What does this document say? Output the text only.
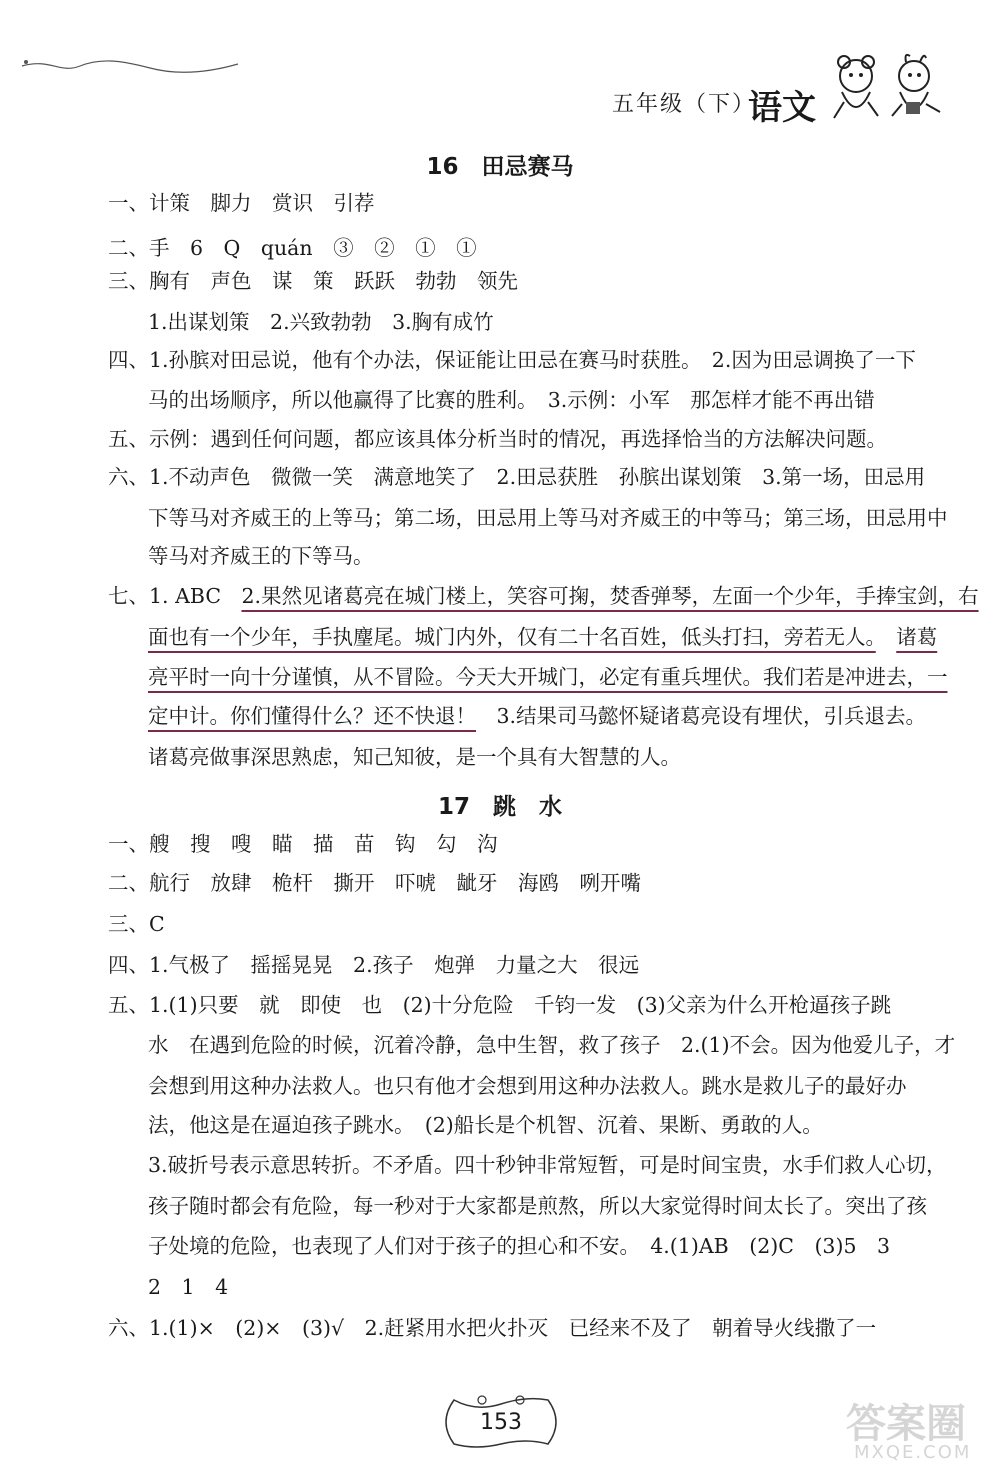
五年级（下）
语文
16　田忌赛马
一、计策　脚力　赏识　引荐
二、手　6　Q　quán　③　②　①　①
三、胸有　声色　谋　策　跃跃　勃勃　领先
1.出谋划策　2.兴致勃勃　3.胸有成竹
四、1.孙膑对田忌说，他有个办法，保证能让田忌在赛马时获胜。　2.因为田忌调换了一下
马的出场顺序，所以他赢得了比赛的胜利。　3.示例：小军　那怎样才能不再出错
五、示例：遇到任何问题，都应该具体分析当时的情况，再选择恰当的方法解决问题。
六、1.不动声色　微微一笑　满意地笑了　2.田忌获胜　孙膑出谋划策　3.第一场，田忌用
下等马对齐威王的上等马；第二场，田忌用上等马对齐威王的中等马；第三场，田忌用中
等马对齐威王的下等马。
七、1. ABC　2.果然见诸葛亮在城门楼上，笑容可掬，焚香弹琴，左面一个少年，手捧宝剑，右
面也有一个少年，手执麈尾。城门内外，仅有二十名百姓，低头打扫，旁若无人。　 诸葛
亮平时一向十分谨慎，从不冒险。今天大开城门，必定有重兵埋伏。我们若是冲进去，一
定中计。你们懂得什么？还不快退！　3.结果司马懿怀疑诸葛亮设有埋伏，引兵退去。
诸葛亮做事深思熟虑，知己知彼，是一个具有大智慧的人。
17　跳　水
一、艘　搜　嗖　瞄　描　苗　钩　勾　沟
二、航行　放肆　桅杆　撕开　吓唬　龇牙　海鸥　咧开嘴
三、C
四、1.气极了　摇摇晃晃　2.孩子　炮弹　力量之大　很远
五、1.(1)只要　就　即使　也　(2)十分危险　千钧一发　(3)父亲为什么开枪逼孩子跳
水　在遇到危险的时候，沉着冷静，急中生智，救了孩子　2.(1)不会。因为他爱儿子，才
会想到用这种办法救人。也只有他才会想到用这种办法救人。跳水是救儿子的最好办
法，他这是在逼迫孩子跳水。　(2)船长是个机智、沉着、果断、勇敢的人。
3.破折号表示意思转折。不矛盾。四十秒钟非常短暂，可是时间宝贵，水手们救人心切，
孩子随时都会有危险，每一秒对于大家都是煎熬，所以大家觉得时间太长了。突出了孩
子处境的危险，也表现了人们对于孩子的担心和不安。　4.(1)AB　(2)C　(3)5　3
2　1　4
六、1.(1)×　(2)×　(3)√　2.赶紧用水把火扑灭　已经来不及了　朝着导火线撒了一
153	答案圈
MXQE.COM
